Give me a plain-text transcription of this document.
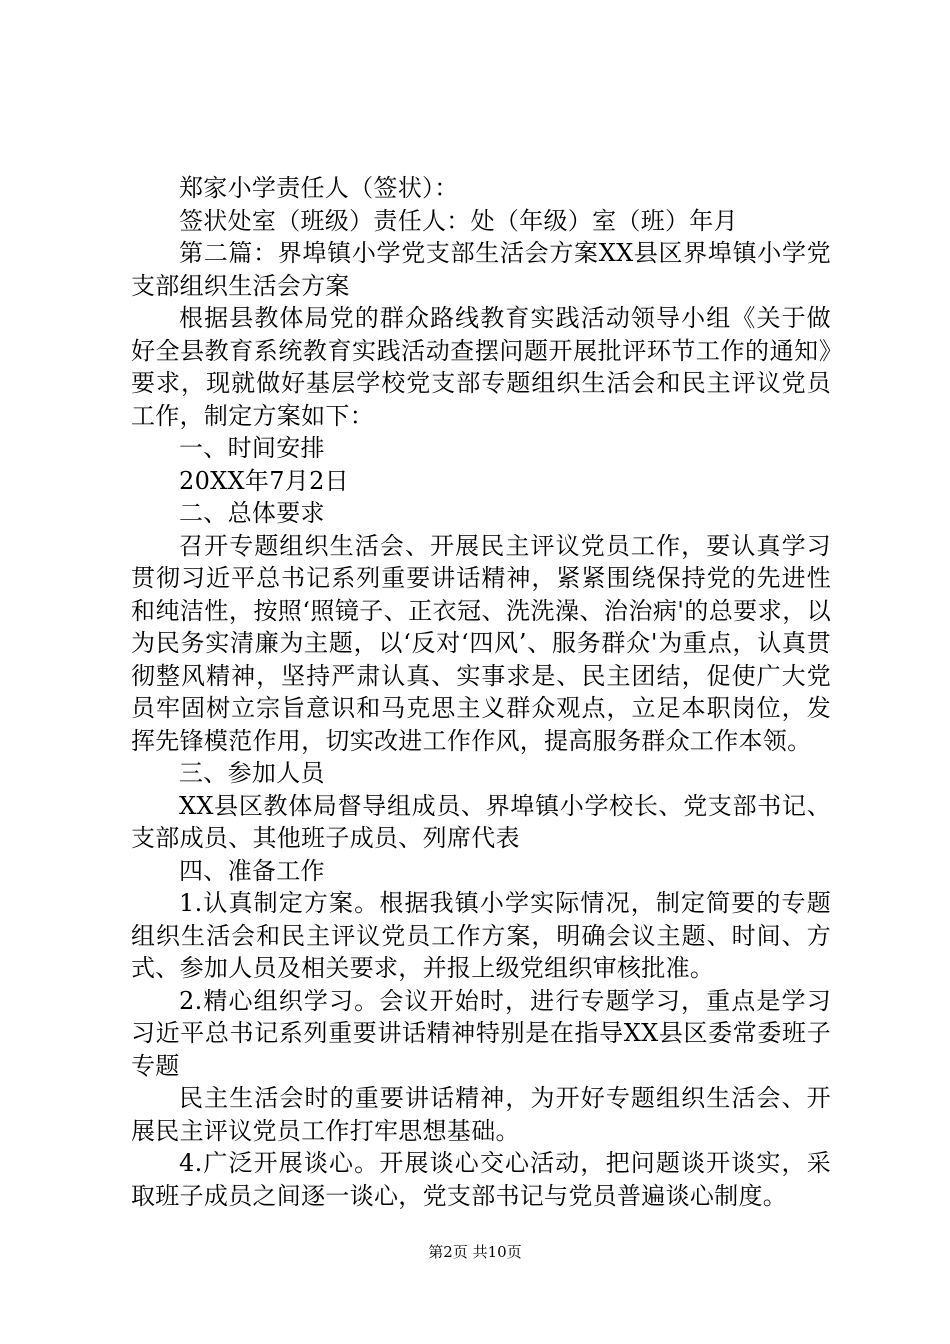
郑家小学责任人（签状）：

签状处室（班级）责任人：处（年级）室（班）年月

第二篇：界埠镇小学党支部生活会方案XX县区界埠镇小学党支部组织生活会方案

根据县教体局党的群众路线教育实践活动领导小组《关于做好全县教育系统教育实践活动查摆问题开展批评环节工作的通知》要求，现就做好基层学校党支部专题组织生活会和民主评议党员工作，制定方案如下：

一、时间安排

20XX年7月2日

二、总体要求

召开专题组织生活会、开展民主评议党员工作，要认真学习贯彻习近平总书记系列重要讲话精神，紧紧围绕保持党的先进性和纯洁性，按照‘照镜子、正衣冠、洗洗澡、治治病'的总要求，以为民务实清廉为主题，以‘反对‘四风’、服务群众'为重点，认真贯彻整风精神，坚持严肃认真、实事求是、民主团结，促使广大党员牢固树立宗旨意识和马克思主义群众观点，立足本职岗位，发挥先锋模范作用，切实改进工作作风，提高服务群众工作本领。

三、参加人员

XX县区教体局督导组成员、界埠镇小学校长、党支部书记、支部成员、其他班子成员、列席代表

四、准备工作

1.认真制定方案。根据我镇小学实际情况，制定简要的专题组织生活会和民主评议党员工作方案，明确会议主题、时间、方式、参加人员及相关要求，并报上级党组织审核批准。

2.精心组织学习。会议开始时，进行专题学习，重点是学习习近平总书记系列重要讲话精神特别是在指导XX县区委常委班子专题

民主生活会时的重要讲话精神，为开好专题组织生活会、开展民主评议党员工作打牢思想基础。

4.广泛开展谈心。开展谈心交心活动，把问题谈开谈实，采取班子成员之间逐一谈心，党支部书记与党员普遍谈心制度。

第2页 共10页
